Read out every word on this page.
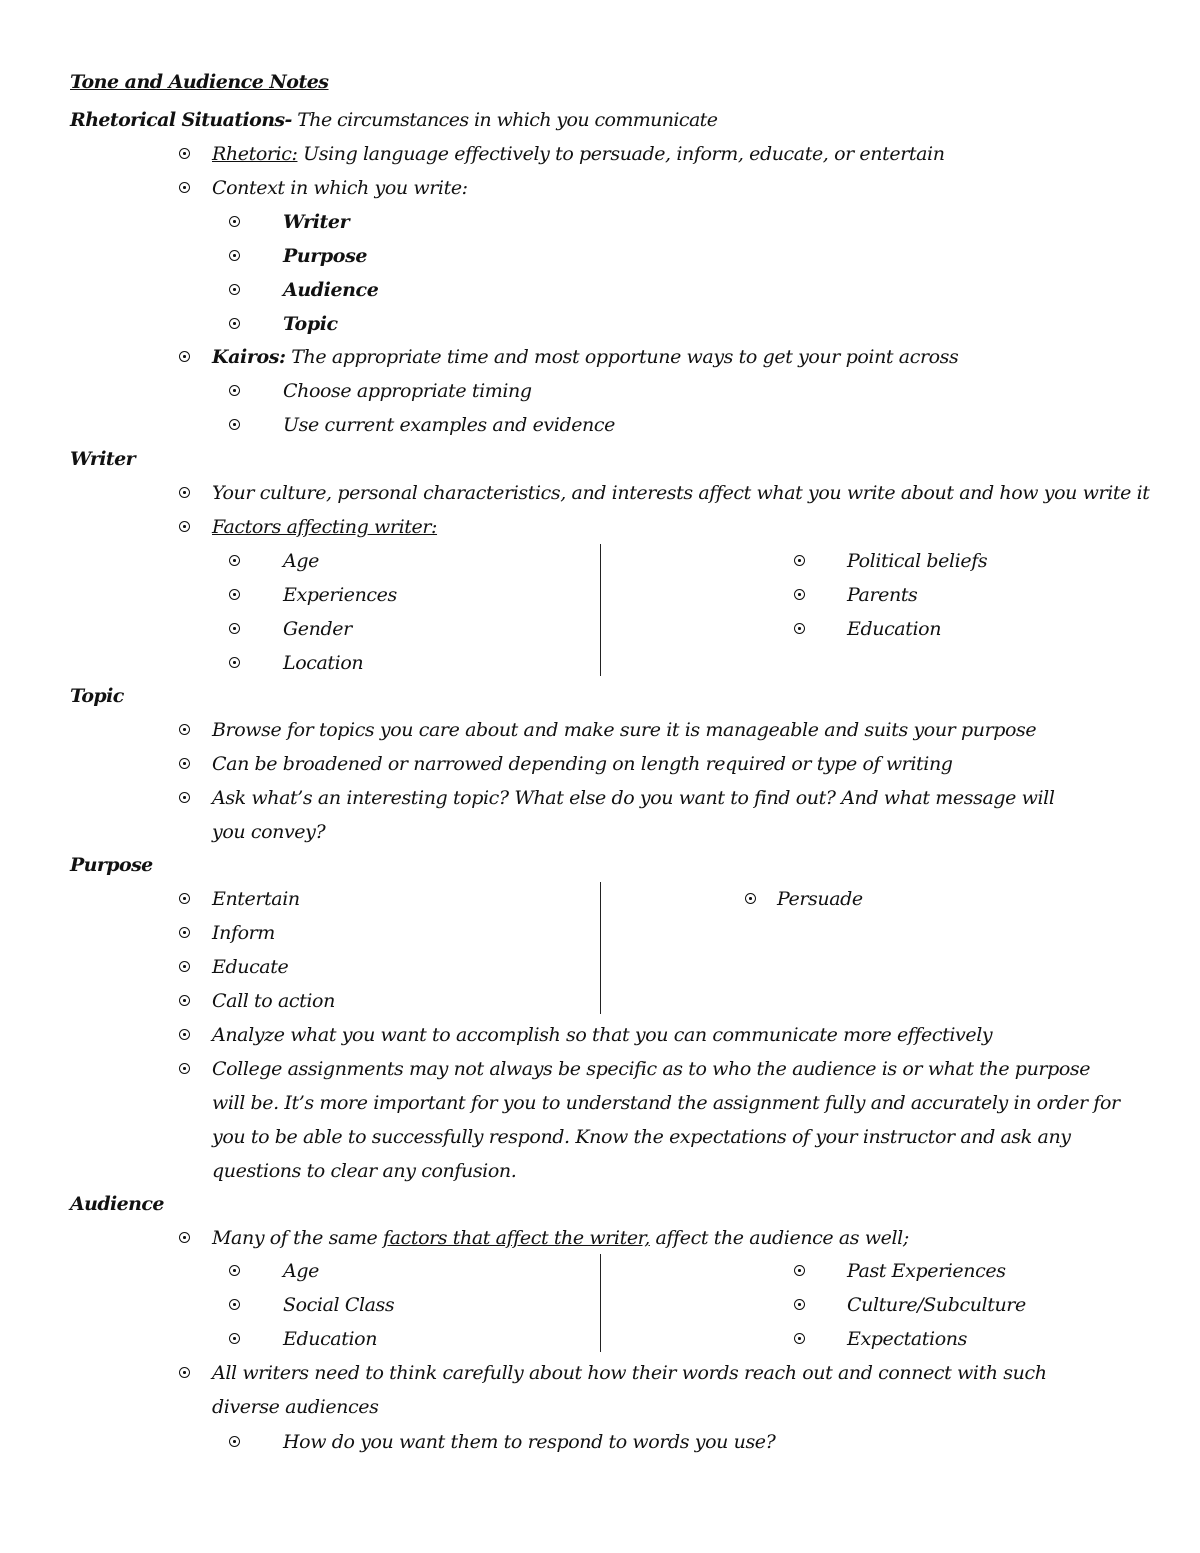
Tone and Audience Notes
Rhetorical Situations- The circumstances in which you communicate
Rhetoric: Using language effectively to persuade, inform, educate, or entertain
Context in which you write:
Writer
Purpose
Audience
Topic
Kairos: The appropriate time and most opportune ways to get your point across
Choose appropriate timing
Use current examples and evidence
Writer
Your culture, personal characteristics, and interests affect what you write about and how you write it
Factors affecting writer:
Age
Experiences
Gender
Location
Political beliefs
Parents
Education
Topic
Browse for topics you care about and make sure it is manageable and suits your purpose
Can be broadened or narrowed depending on length required or type of writing
Ask what’s an interesting topic? What else do you want to find out? And what message will you convey?
Purpose
Entertain
Inform
Educate
Call to action
Persuade
Analyze what you want to accomplish so that you can communicate more effectively
College assignments may not always be specific as to who the audience is or what the purpose will be. It’s more important for you to understand the assignment fully and accurately in order for you to be able to successfully respond. Know the expectations of your instructor and ask any questions to clear any confusion.
Audience
Many of the same factors that affect the writer, affect the audience as well;
Age
Social Class
Education
Past Experiences
Culture/Subculture
Expectations
All writers need to think carefully about how their words reach out and connect with such diverse audiences
How do you want them to respond to words you use?
